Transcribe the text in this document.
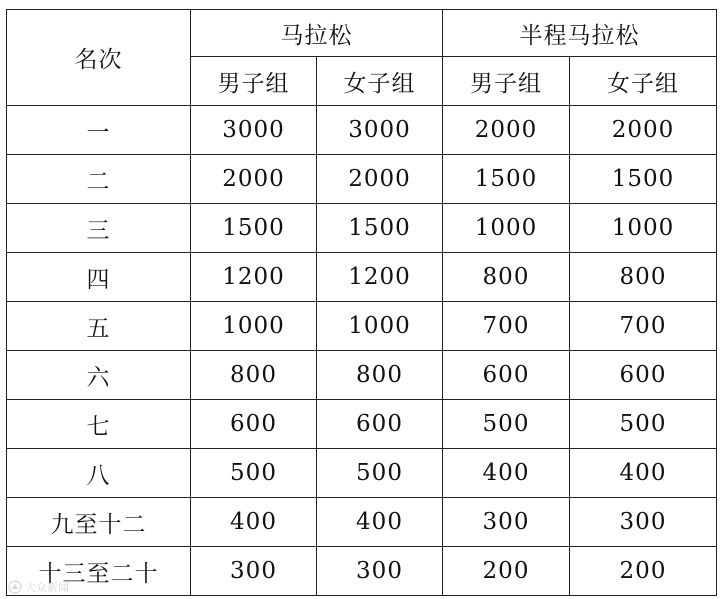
名次	马拉松		半程马拉松	
	男子组	女子组	男子组	女子组
一	3000	3000	2000	2000
二	2000	2000	1500	1500
三	1500	1500	1000	1000
四	1200	1200	800	800
五	1000	1000	700	700
六	800	800	600	600
七	600	600	500	500
八	500	500	400	400
九至十二	400	400	300	300
十三至二十	300	300	200	200
大众新闻
